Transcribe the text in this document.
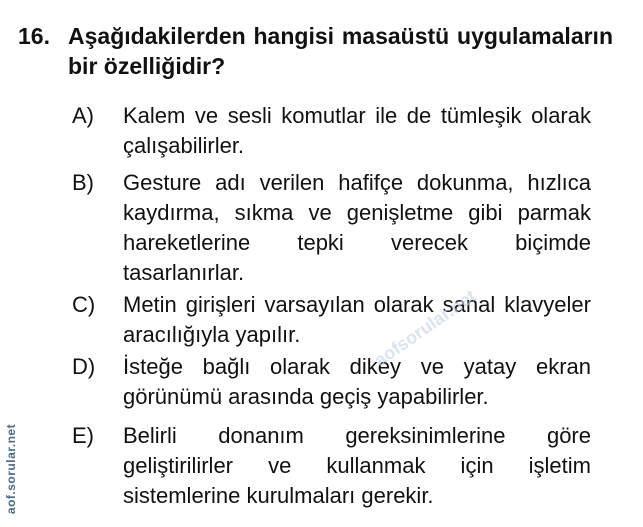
16. Aşağıdakilerden hangisi masaüstü uygulamaların bir özelliğidir?
A)	Kalem ve sesli komutlar ile de tümleşik olarak çalışabilirler.
B)	Gesture adı verilen hafifçe dokunma, hızlıca kaydırma, sıkma ve genişletme gibi parmak hareketlerine tepki verecek biçimde tasarlanırlar.
C)	Metin girişleri varsayılan olarak sanal klavyeler aracılığıyla yapılır.
D)	İsteğe bağlı olarak dikey ve yatay ekran görünümü arasında geçiş yapabilirler.
E)	Belirli donanım gereksinimlerine göre geliştirilirler ve kullanmak için işletim sistemlerine kurulmaları gerekir.
aofsorular.net
aof.sorular.net
